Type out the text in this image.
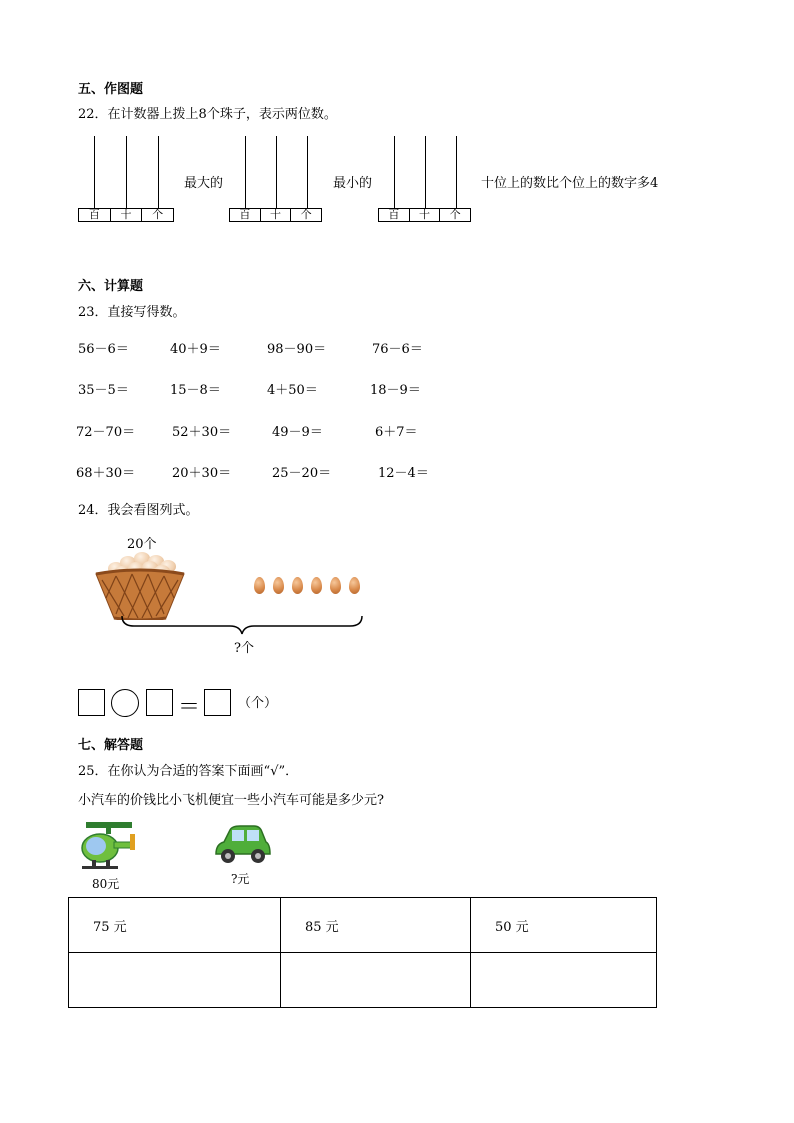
五、作图题
22．在计数器上拨上8个珠子，表示两位数。
百	十	个
最大的
百	十	个
最小的
百	十	个
十位上的数比个位上的数字多4
六、计算题
23．直接写得数。
56－6＝	40＋9＝	98－90＝	76－6＝
35－5＝	15－8＝	4＋50＝	18－9＝
72－70＝	52＋30＝	49－9＝	6＋7＝
68＋30＝	20＋30＝	25－20＝	12－4＝
24．我会看图列式。
20个
?个
＝	（个）
七、解答题
25．在你认为合适的答案下面画“√”．
小汽车的价钱比小飞机便宜一些小汽车可能是多少元?
80元	?元
75 元	85 元	50 元
